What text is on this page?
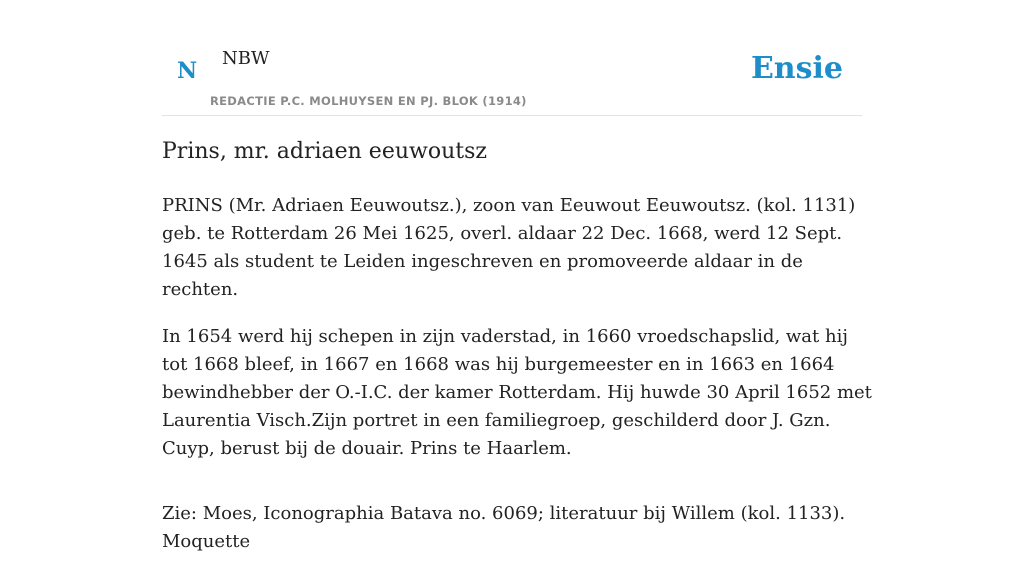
N NBW
REDACTIE P.C. MOLHUYSEN EN PJ. BLOK (1914)
Ensie
Prins, mr. adriaen eeuwoutsz

PRINS (Mr. Adriaen Eeuwoutsz.), zoon van Eeuwout Eeuwoutsz. (kol. 1131) geb. te Rotterdam 26 Mei 1625, overl. aldaar 22 Dec. 1668, werd 12 Sept. 1645 als student te Leiden ingeschreven en promoveerde aldaar in de rechten.

In 1654 werd hij schepen in zijn vaderstad, in 1660 vroedschapslid, wat hij tot 1668 bleef, in 1667 en 1668 was hij burgemeester en in 1663 en 1664 bewindhebber der O.-I.C. der kamer Rotterdam. Hij huwde 30 April 1652 met Laurentia Visch.Zijn portret in een familiegroep, geschilderd door J. Gzn. Cuyp, berust bij de douair. Prins te Haarlem.

Zie: Moes, Iconographia Batava no. 6069; literatuur bij Willem (kol. 1133).
Moquette
